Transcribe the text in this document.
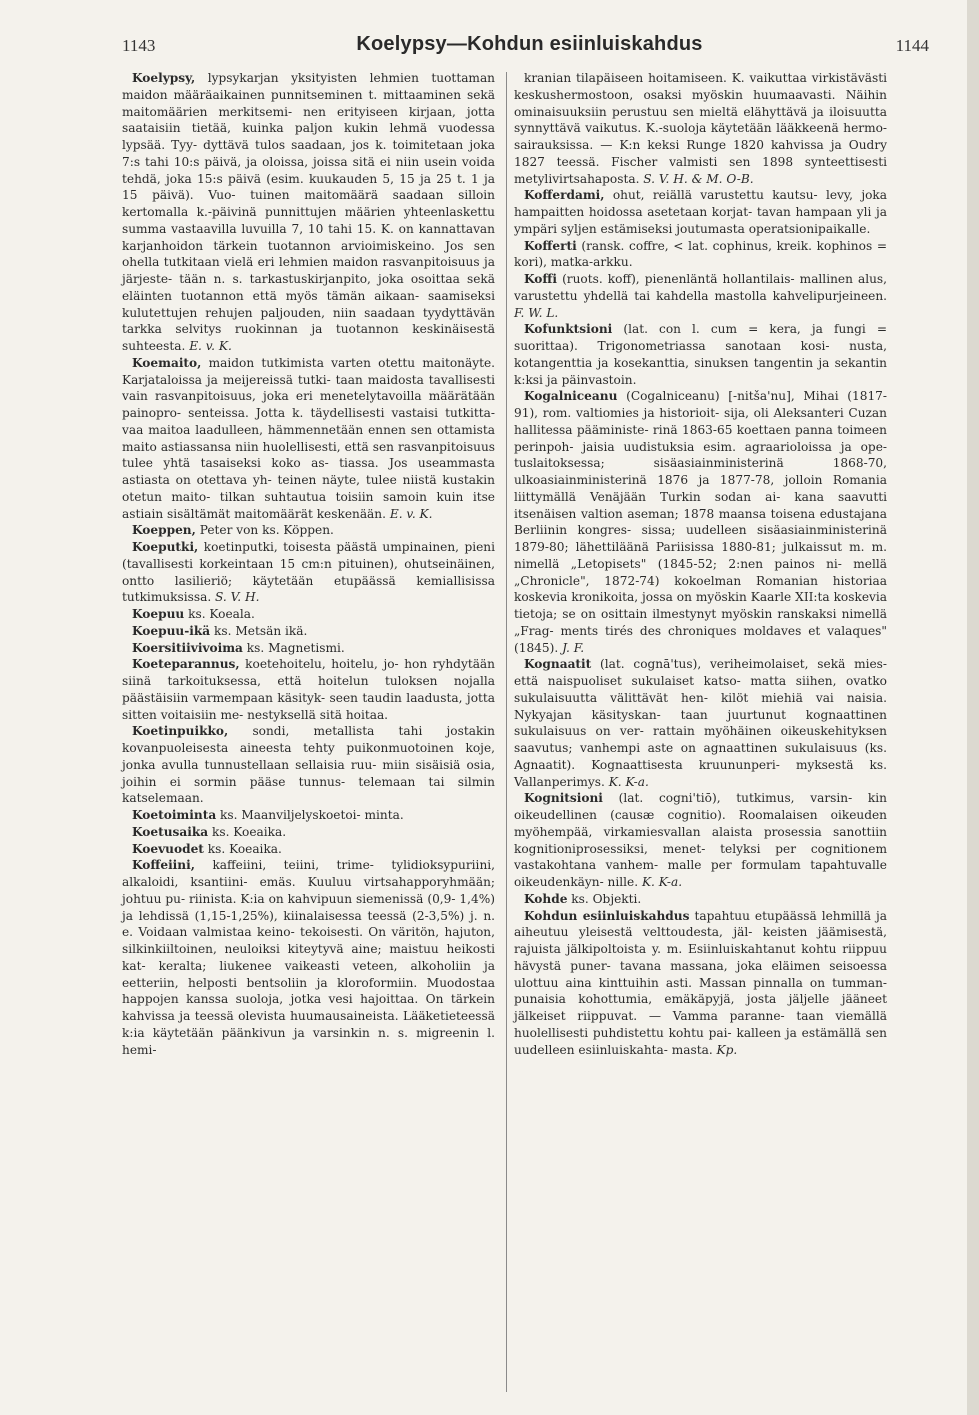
1143	Koelypsy—Kohdun esiinluiskahdus	1144

Koelypsy, lypsykarjan yksityisten lehmien tuottaman maidon määräaikainen punnitseminen t. mittaaminen sekä maitomäärien merkitsemi- nen erityiseen kirjaan, jotta saataisiin tietää, kuinka paljon kukin lehmä vuodessa lypsää. Tyy- dyttävä tulos saadaan, jos k. toimitetaan joka 7:s tahi 10:s päivä, ja oloissa, joissa sitä ei niin usein voida tehdä, joka 15:s päivä (esim. kuukauden 5, 15 ja 25 t. 1 ja 15 päivä). Vuo- tuinen maitomäärä saadaan silloin kertomalla k.-päivinä punnittujen määrien yhteenlaskettu summa vastaavilla luvuilla 7, 10 tahi 15. K. on kannattavan karjanhoidon tärkein tuotannon arvioimiskeino. Jos sen ohella tutkitaan vielä eri lehmien maidon rasvanpitoisuus ja järjeste- tään n. s. tarkastuskirjanpito, joka osoittaa sekä eläinten tuotannon että myös tämän aikaan- saamiseksi kulutettujen rehujen paljouden, niin saadaan tyydyttävän tarkka selvitys ruokinnan ja tuotannon keskinäisestä suhteesta. E. v. K.

Koemaito, maidon tutkimista varten otettu maitonäyte. Karjataloissa ja meijereissä tutki- taan maidosta tavallisesti vain rasvanpitoisuus, joka eri menetelytavoilla määrätään painopro- senteissa. Jotta k. täydellisesti vastaisi tutkitta- vaa maitoa laadulleen, hämmennetään ennen sen ottamista maito astiassansa niin huolellisesti, että sen rasvanpitoisuus tulee yhtä tasaiseksi koko as- tiassa. Jos useammasta astiasta on otettava yh- teinen näyte, tulee niistä kustakin otetun maito- tilkan suhtautua toisiin samoin kuin itse astiain sisältämät maitomäärät keskenään. E. v. K.

Koeppen, Peter von ks. Köppen.

Koeputki, koetinputki, toisesta päästä umpinainen, pieni (tavallisesti korkeintaan 15 cm:n pituinen), ohutseinäinen, ontto lasilieriö; käytetään etupäässä kemiallisissa tutkimuksissa. S. V. H.

Koepuu ks. Koeala.

Koepuu-ikä ks. Metsän ikä.

Koersitiivivoima ks. Magnetismi.

Koeteparannus, koetehoitelu, hoitelu, jo- hon ryhdytään siinä tarkoituksessa, että hoitelun tuloksen nojalla päästäisiin varmempaan käsityk- seen taudin laadusta, jotta sitten voitaisiin me- nestyksellä sitä hoitaa.

Koetinpuikko, sondi, metallista tahi jostakin kovanpuoleisesta aineesta tehty puikonmuotoinen koje, jonka avulla tunnustellaan sellaisia ruu- miin sisäisiä osia, joihin ei sormin pääse tunnus- telemaan tai silmin katselemaan.

Koetoiminta ks. Maanviljelyskoetoi- minta.

Koetusaika ks. Koeaika.

Koevuodet ks. Koeaika.

Koffeiini, kaffeiini, teiini, trime- tylidioksypuriini, alkaloidi, ksantiini- emäs. Kuuluu virtsahapporyhmään; johtuu pu- riinista. K:ia on kahvipuun siemenissä (0,9- 1,4%) ja lehdissä (1,15-1,25%), kiinalaisessa teessä (2-3,5%) j. n. e. Voidaan valmistaa keino- tekoisesti. On väritön, hajuton, silkinkiiltoinen, neuloiksi kiteytyvä aine; maistuu heikosti kat- keralta; liukenee vaikeasti veteen, alkoholiin ja eetteriin, helposti bentsoliin ja kloroformiin. Muodostaa happojen kanssa suoloja, jotka vesi hajoittaa. On tärkein kahvissa ja teessä olevista huumausaineista. Lääketieteessä k:ia käytetään päänkivun ja varsinkin n. s. migreenin l. hemi-

kranian tilapäiseen hoitamiseen. K. vaikuttaa virkistävästi keskushermostoon, osaksi myöskin huumaavasti. Näihin ominaisuuksiin perustuu sen mieltä elähyttävä ja iloisuutta synnyttävä vaikutus. K.-suoloja käytetään lääkkeenä hermo- sairauksissa. — K:n keksi Runge 1820 kahvissa ja Oudry 1827 teessä. Fischer valmisti sen 1898 synteettisesti metylivirtsahaposta. S. V. H. & M. O-B.

Kofferdami, ohut, reiällä varustettu kautsu- levy, joka hampaitten hoidossa asetetaan korjat- tavan hampaan yli ja ympäri syljen estämiseksi joutumasta operatsionipaikalle.

Kofferti (ransk. coffre, < lat. cophinus, kreik. kophinos = kori), matka-arkku.

Koffi (ruots. koff), pienenläntä hollantilais- mallinen alus, varustettu yhdellä tai kahdella mastolla kahvelipurjeineen. F. W. L.

Kofunktsioni (lat. con l. cum = kera, ja fungi = suorittaa). Trigonometriassa sanotaan kosi- nusta, kotangenttia ja kosekanttia, sinuksen tangentin ja sekantin k:ksi ja päinvastoin.

Kogalniceanu (Cogalniceanu) [-nitša'nu], Mihai (1817-91), rom. valtiomies ja historioit- sija, oli Aleksanteri Cuzan hallitessa pääministe- rinä 1863-65 koettaen panna toimeen perinpoh- jaisia uudistuksia esim. agraarioloissa ja ope- tuslaitoksessa; sisäasiainministerinä 1868-70, ulkoasiainministerinä 1876 ja 1877-78, jolloin Romania liittymällä Venäjään Turkin sodan ai- kana saavutti itsenäisen valtion aseman; 1878 maansa toisena edustajana Berliinin kongres- sissa; uudelleen sisäasiainministerinä 1879-80; lähettiläänä Pariisissa 1880-81; julkaissut m. m. nimellä „Letopisets" (1845-52; 2:nen painos ni- mellä „Chronicle", 1872-74) kokoelman Romanian historiaa koskevia kronikoita, jossa on myöskin Kaarle XII:ta koskevia tietoja; se on osittain ilmestynyt myöskin ranskaksi nimellä „Frag- ments tirés des chroniques moldaves et valaques" (1845). J. F.

Kognaatit (lat. cognā'tus), veriheimolaiset, sekä mies- että naispuoliset sukulaiset katso- matta siihen, ovatko sukulaisuutta välittävät hen- kilöt miehiä vai naisia. Nykyajan käsityskan- taan juurtunut kognaattinen sukulaisuus on ver- rattain myöhäinen oikeuskehityksen saavutus; vanhempi aste on agnaattinen sukulaisuus (ks. Agnaatit). Kognaattisesta kruununperi- myksestä ks. Vallanperimys. K. K-a.

Kognitsioni (lat. cogni'tiō), tutkimus, varsin- kin oikeudellinen (causæ cognitio). Roomalaisen oikeuden myöhempää, virkamiesvallan alaista prosessia sanottiin kognitioniprosessiksi, menet- telyksi per cognitionem vastakohtana vanhem- malle per formulam tapahtuvalle oikeudenkäyn- nille. K. K-a.

Kohde ks. Objekti.

Kohdun esiinluiskahdus tapahtuu etupäässä lehmillä ja aiheutuu yleisestä velttoudesta, jäl- keisten jäämisestä, rajuista jälkipoltoista y. m. Esiinluiskahtanut kohtu riippuu hävystä puner- tavana massana, joka eläimen seisoessa ulottuu aina kinttuihin asti. Massan pinnalla on tumman- punaisia kohottumia, emäkäpyjä, josta jäljelle jääneet jälkeiset riippuvat. — Vamma paranne- taan viemällä huolellisesti puhdistettu kohtu pai- kalleen ja estämällä sen uudelleen esiinluiskahta- masta. Kp.
